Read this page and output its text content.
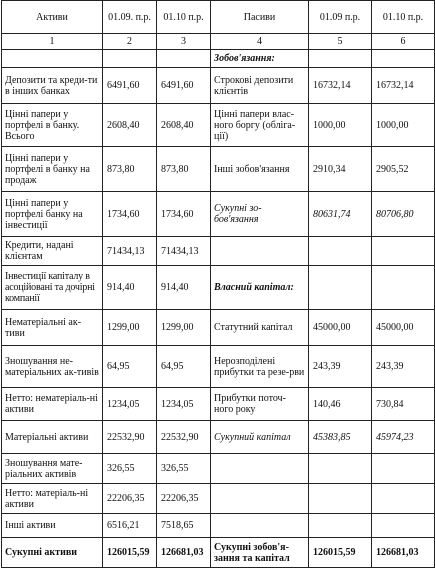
Активи	01.09. п.р.	01.10 п.р.	Пасиви	01.09 п.р.	01.10 п.р.
1	2	3	4	5	6
			Зобов'язання:		
Депозити та креди-ти в інших банках	6491,60	6491,60	Строкові депозити клієнтів	16732,14	16732,14
Цінні папери у портфелі в банку. Всього	2608,40	2608,40	Цінні папери влас-ного боргу (обліга-ції)	1000,00	1000,00
Цінні папери у портфелі в банку на продаж	873,80	873,80	Інші зобов'язання	2910,34	2905,52
Цінні папери у портфелі банку на інвестиції	1734,60	1734,60	Сукупні зо-бов'язання	80631,74	80706,80
Кредити, надані клієнтам	71434,13	71434,13			
Інвестиції капіталу в асоційовані та дочірні компанії	914,40	914,40	Власний капітал:		
Нематеріальні ак-тиви	1299,00	1299,00	Статутний капітал	45000,00	45000,00
Зношування не-матеріальних ак-тивів	64,95	64,95	Нерозподілені прибутки та резе-рви	243,39	243,39
Нетто: нематеріаль-ні активи	1234,05	1234,05	Прибутки поточ-ного року	140,46	730,84
Матеріальні активи	22532,90	22532,90	Сукупний капітал	45383,85	45974,23
Зношування мате-ріальних активів	326,55	326,55			
Нетто: матеріаль-ні активи	22206,35	22206,35			
Інші активи	6516,21	7518,65			
Сукупні активи	126015,59	126681,03	Сукупні зобов'я-зання та капітал	126015,59	126681,03
